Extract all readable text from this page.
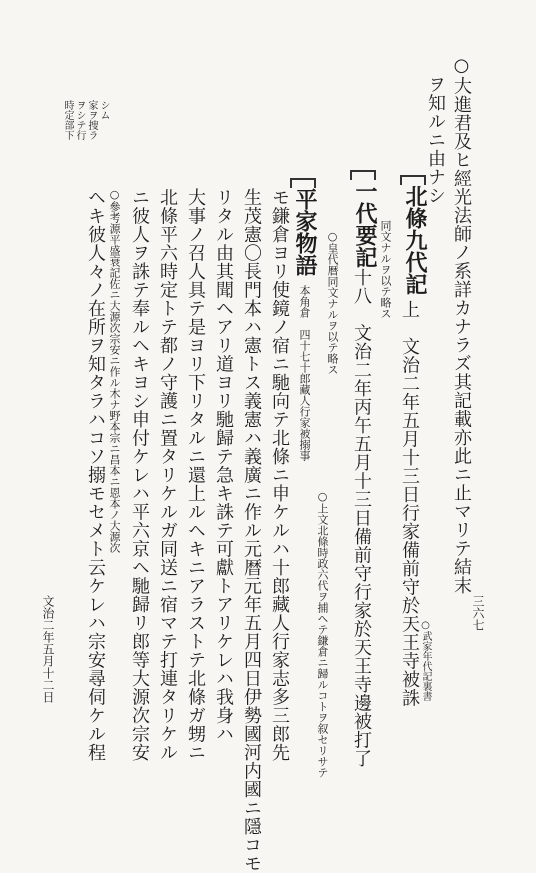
○大進君及ヒ經光法師ノ系詳カナラズ其記載亦此ニ止マリテ結末
ヲ知ルニ由ナシ
北條九代記
上　文治二年五月十三日行家備前守於天王寺被誅 ○武家年代記裏書
同文ナルヲ以テ略ス
一代要記
十八　文治二年丙午五月十三日備前守行家於天王寺邊被打了
○皇代暦同文ナルヲ以テ略ス
平家物語
本角倉　四十七十郎藏人行家被搦事
○上文北條時政六代ヲ捕ヘテ鎌倉ニ歸ルコトヲ叙セリサテ
モ鎌倉ヨリ使鏡ノ宿ニ馳向テ北條ニ申ケルハ十郎藏人行家志多三郎先
生茂憲〇長門本ハ憲トス義憲ハ義廣ニ作ル元暦元年五月四日伊勢國河内國ニ隱コモ
リタル由其聞ヘアリ道ヨリ馳歸テ急キ誅テ可獻トアリケレハ我身ハ
大事ノ召人具テ是ヨリ下リタルニ還上ルヘキニアラストテ北條ガ甥ニ
北條平六時定トテ都ノ守護ニ置タリケルガ同送ニ宿マテ打連タリケル
ニ彼人ヲ誅テ奉ルヘキヨシ申付ケレハ平六京ヘ馳歸リ郎等大源次宗安
○參考源平盛衰記佐ニ大源次宗安ニ作ル木ナ野本宗ニ昌本ニ恩本ノ大源次
ヘキ彼人々ノ在所ヲ知タラハコソ搦モセメト云ケレハ宗安尋伺ケル程
時定部下 ヲシテ行 家ヲ捜ラ シム
文治二年五月十二日	三六七
